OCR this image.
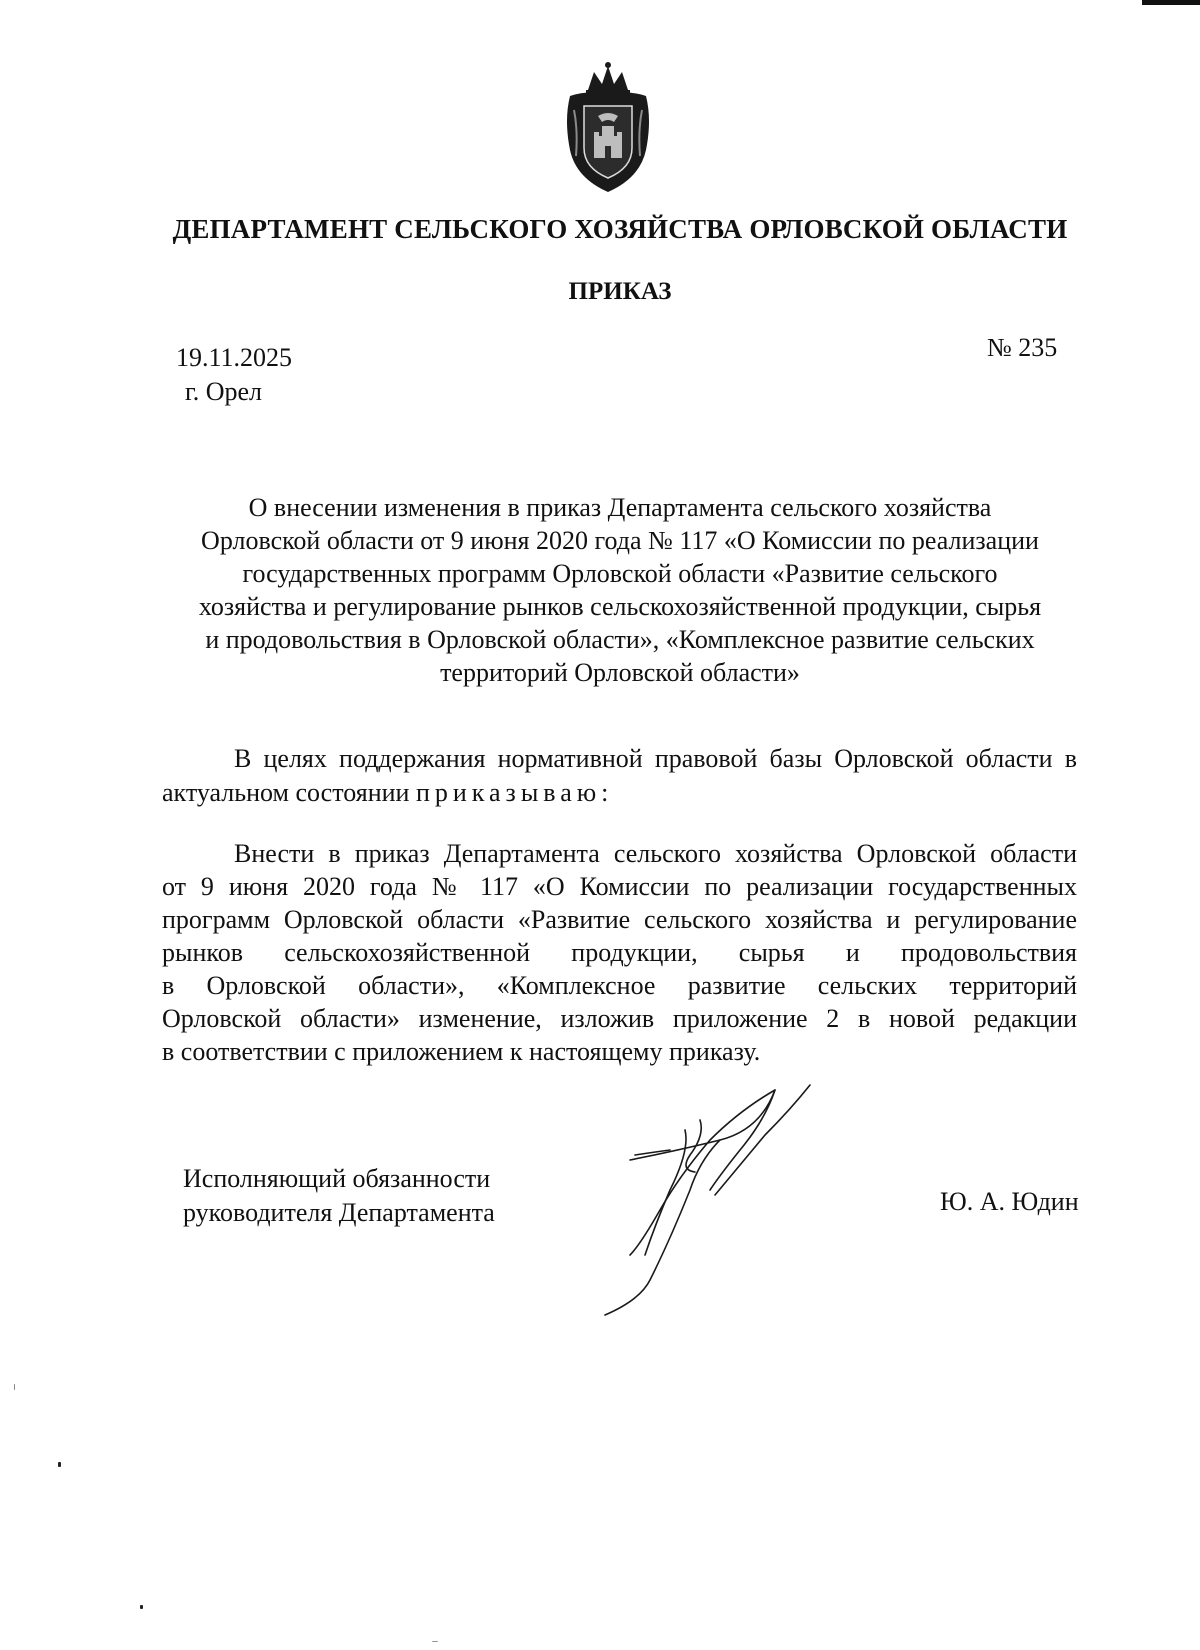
ДЕПАРТАМЕНТ СЕЛЬСКОГО ХОЗЯЙСТВА ОРЛОВСКОЙ ОБЛАСТИ
ПРИКАЗ
19.11.2025
г. Орел
№ 235
О внесении изменения в приказ Департамента сельского хозяйства
Орловской области от 9 июня 2020 года № 117 «О Комиссии по реализации
государственных программ Орловской области «Развитие сельского
хозяйства и регулирование рынков сельскохозяйственной продукции, сырья
и продовольствия в Орловской области», «Комплексное развитие сельских
территорий Орловской области»
В целях поддержания нормативной правовой базы Орловской области в актуальном состоянии приказываю:
Внести в приказ Департамента сельского хозяйства Орловской области
от 9 июня 2020 года № 117 «О Комиссии по реализации государственных
программ Орловской области «Развитие сельского хозяйства и регулирование
рынков сельскохозяйственной продукции, сырья и продовольствия
в Орловской области», «Комплексное развитие сельских территорий
Орловской области» изменение, изложив приложение 2 в новой редакции
в соответствии с приложением к настоящему приказу.
Исполняющий обязанности
руководителя Департамента	Ю. А. Юдин
